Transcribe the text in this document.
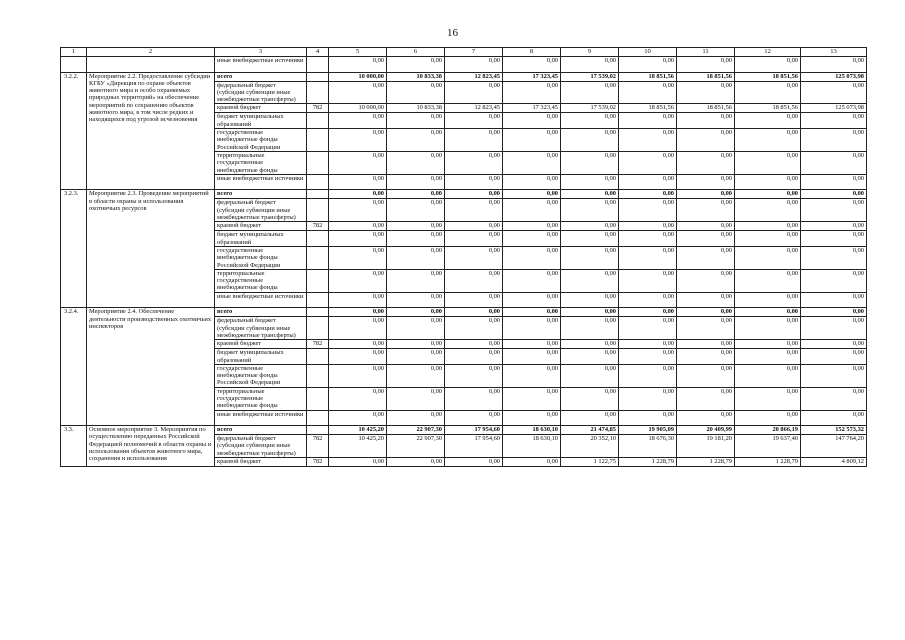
16
1	2	3	4	5	6	7	8	9	10	11	12	13
		иные внебюджетные источники		0,00	0,00	0,00	0,00	0,00	0,00	0,00	0,00	0,00
3.2.2.	Мероприятие 2.2. Предоставление субсидии КГБУ «Дирекция по охране объектов животного мира и особо охраняемых природных территорий» на обеспечение мероприятий по сохранению объектов животного мира, в том числе редких и находящихся под угрозой исчезновения	всего		10 000,00	10 833,38	12 823,45	17 323,45	17 539,02	18 851,56	18 851,56	18 851,56	125 073,98
		федеральный бюджет (субсидии субвенции иные межбюджетные трансферты)		0,00	0,00	0,00	0,00	0,00	0,00	0,00	0,00	0,00
		краевой бюджет	782	10 000,00	10 833,38	12 823,45	17 323,45	17 539,02	18 851,56	18 851,56	18 851,56	125 073,98
		бюджет муниципальных образований		0,00	0,00	0,00	0,00	0,00	0,00	0,00	0,00	0,00
		государственные внебюджетные фонды Российской Федерации		0,00	0,00	0,00	0,00	0,00	0,00	0,00	0,00	0,00
		территориальные государственные внебюджетные фонды		0,00	0,00	0,00	0,00	0,00	0,00	0,00	0,00	0,00
		иные внебюджетные источники		0,00	0,00	0,00	0,00	0,00	0,00	0,00	0,00	0,00
3.2.3.	Мероприятие 2.3. Проведение мероприятий в области охраны и использования охотничьих ресурсов	всего		0,00	0,00	0,00	0,00	0,00	0,00	0,00	0,00	0,00
		федеральный бюджет (субсидии субвенции иные межбюджетные трансферты)		0,00	0,00	0,00	0,00	0,00	0,00	0,00	0,00	0,00
		краевой бюджет	782	0,00	0,00	0,00	0,00	0,00	0,00	0,00	0,00	0,00
		бюджет муниципальных образований		0,00	0,00	0,00	0,00	0,00	0,00	0,00	0,00	0,00
		государственные внебюджетные фонды Российской Федерации		0,00	0,00	0,00	0,00	0,00	0,00	0,00	0,00	0,00
		территориальные государственные внебюджетные фонды		0,00	0,00	0,00	0,00	0,00	0,00	0,00	0,00	0,00
		иные внебюджетные источники		0,00	0,00	0,00	0,00	0,00	0,00	0,00	0,00	0,00
3.2.4.	Мероприятие 2.4. Обеспечение деятельности производственных охотничьих инспекторов	всего		0,00	0,00	0,00	0,00	0,00	0,00	0,00	0,00	0,00
		федеральный бюджет (субсидии субвенции иные межбюджетные трансферты)		0,00	0,00	0,00	0,00	0,00	0,00	0,00	0,00	0,00
		краевой бюджет	782	0,00	0,00	0,00	0,00	0,00	0,00	0,00	0,00	0,00
		бюджет муниципальных образований		0,00	0,00	0,00	0,00	0,00	0,00	0,00	0,00	0,00
		государственные внебюджетные фонды Российской Федерации		0,00	0,00	0,00	0,00	0,00	0,00	0,00	0,00	0,00
		территориальные государственные внебюджетные фонды		0,00	0,00	0,00	0,00	0,00	0,00	0,00	0,00	0,00
		иные внебюджетные источники		0,00	0,00	0,00	0,00	0,00	0,00	0,00	0,00	0,00
3.3.	Основное мероприятие 3. Мероприятия по осуществлению переданных Российской Федерацией полномочий в области охраны и использования объектов животного мира, сохранения и использования	всего		10 425,20	22 907,30	17 954,60	18 630,10	21 474,85	19 905,09	20 409,99	20 866,19	152 573,32
		федеральный бюджет (субсидии субвенции иные межбюджетные трансферты)	782	10 425,20	22 907,30	17 954,60	18 630,10	20 352,10	18 676,30	19 181,20	19 637,40	147 764,20
		краевой бюджет	782	0,00	0,00	0,00	0,00	1 122,75	1 228,79	1 228,79	1 228,79	4 809,12
